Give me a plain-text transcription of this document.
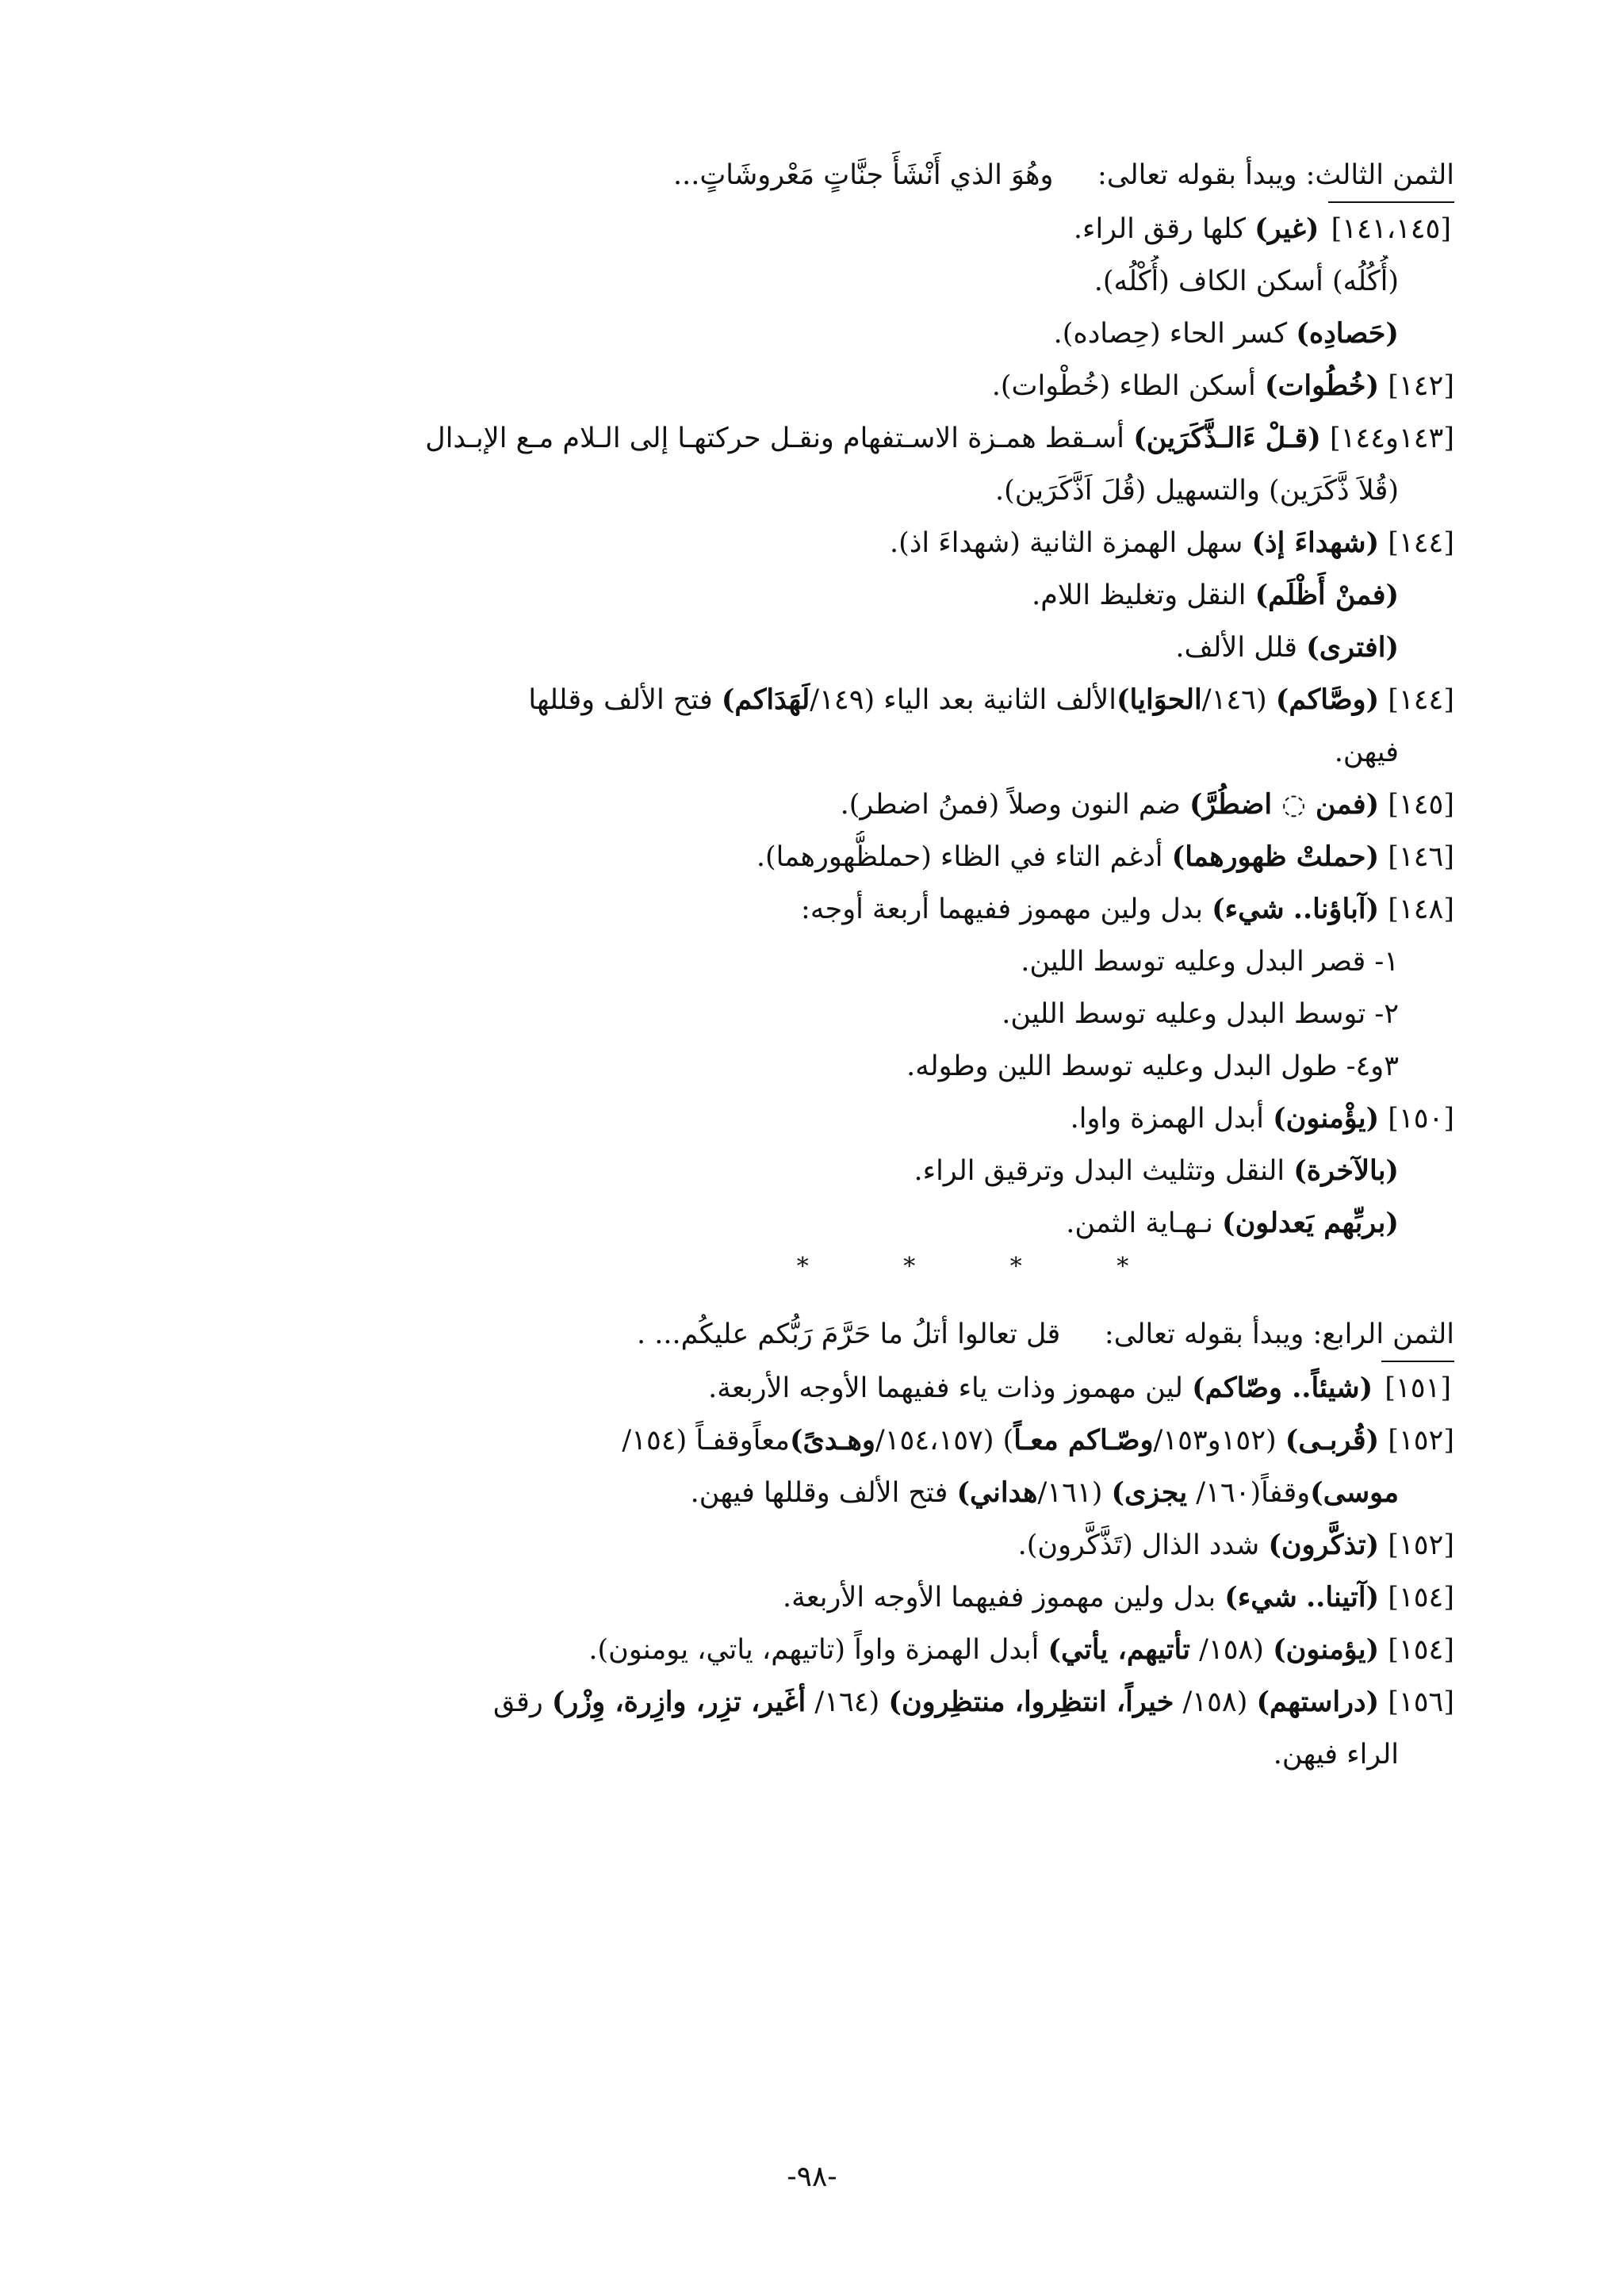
الثمن الثالث: ويبدأ بقوله تعالى:     وهُوَ الذي أَنْشَأَ جنَّاتٍ مَعْروشَاتٍ...
[١٤١،١٤٥] (غير) كلها رقق الراء.
(أُكُلُه) أسكن الكاف (أُكْلُه).
(حَصادِه) كسر الحاء (حِصاده).
[١٤٢] (خُطُوات) أسكن الطاء (خُطْوات).
[١٤٣و١٤٤] (قـلْ ءَالـذَّكَرَين) أسـقط همـزة الاسـتفهام ونقـل حركتهـا إلى الـلام مـع الإبـدال
(قُلاَ ذَّكَرَين) والتسهيل (قُلَ اَذَّكَرَين).
[١٤٤] (شهداءَ إذ) سهل الهمزة الثانية (شهداءَ اذ).
(فمنْ أَظْلَم) النقل وتغليظ اللام.
(افترى) قلل الألف.
[١٤٤] (وصَّاكم) (١٤٦/الحوَايا)الألف الثانية بعد الياء (١٤٩/لَهَدَاكم) فتح الألف وقللها
فيهن.
[١٤٥] (فمن ◌ اضطُرَّ) ضم النون وصلاً (فمنُ اضطر).
[١٤٦] (حملتْ ظهورهما) أدغم التاء في الظاء (حملظُّهورهما).
[١٤٨] (آباؤنا.. شيء) بدل ولين مهموز ففيهما أربعة أوجه:
١- قصر البدل وعليه توسط اللين.
٢- توسط البدل وعليه توسط اللين.
٣و٤- طول البدل وعليه توسط اللين وطوله.
[١٥٠] (يؤْمنون) أبدل الهمزة واوا.
(بالآخرة) النقل وتثليث البدل وترقيق الراء.
(بربِّهم يَعدلون) نـهـاية الثمن.
* * * *
الثمن الرابع: ويبدأ بقوله تعالى:     قل تعالوا أتلُ ما حَرَّمَ رَبُّكم عليكُم... .
[١٥١] (شيئاً.. وصّاكم) لين مهموز وذات ياء ففيهما الأوجه الأربعة.
[١٥٢] (قُربـى) (١٥٢و١٥٣/وصّـاكم معـاً) (١٥٤،١٥٧/وهـدىً)معاًوقفـاً (١٥٤/
موسى)وقفاً(١٦٠/ يجزى) (١٦١/هداني) فتح الألف وقللها فيهن.
[١٥٢] (تذكَّرون) شدد الذال (تَذَّكَّرون).
[١٥٤] (آتينا.. شيء) بدل ولين مهموز ففيهما الأوجه الأربعة.
[١٥٤] (يؤمنون) (١٥٨/ تأتيهم، يأتي) أبدل الهمزة واواً (تاتيهم، ياتي، يومنون).
[١٥٦] (دراستهم) (١٥٨/ خيراً، انتظِروا، منتظِرون) (١٦٤/ أغَير، تزِر، وازِرة، وِزْر) رقق
الراء فيهن.
-٩٨-
